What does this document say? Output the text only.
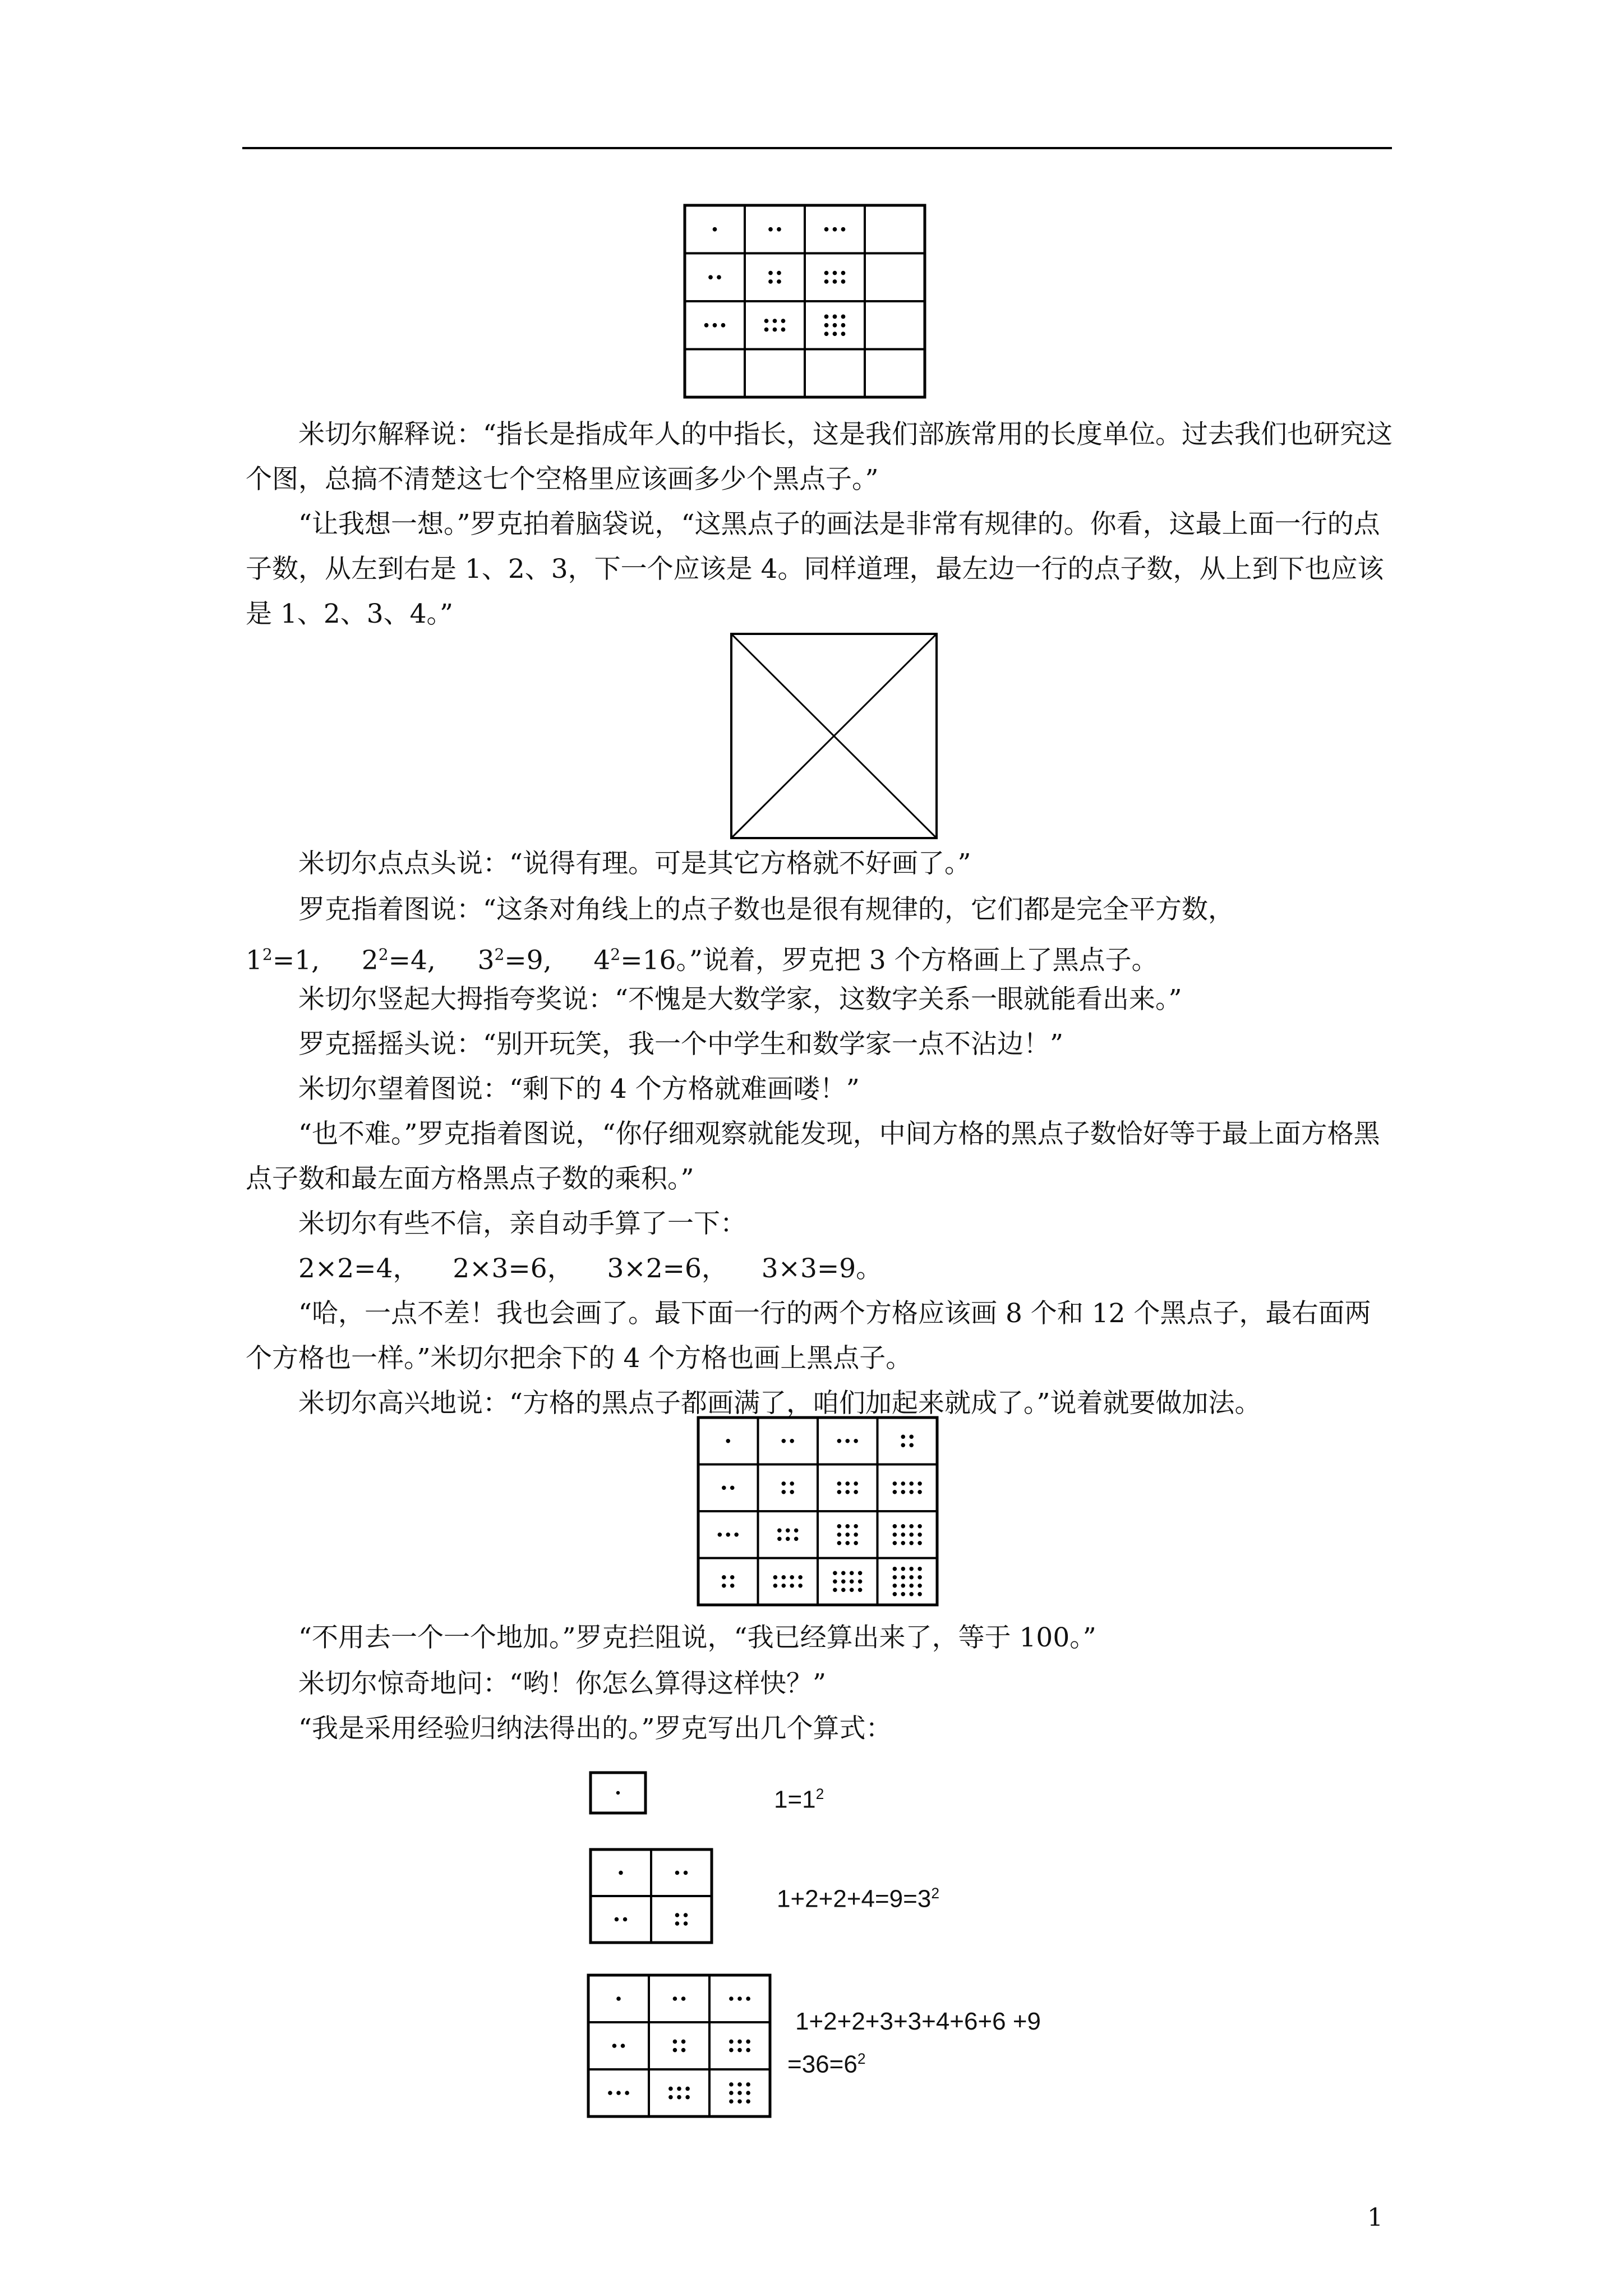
米切尔解释说：“指长是指成年人的中指长，这是我们部族常用的长度单位。过去我们也研究这个图，总搞不清楚这七个空格里应该画多少个黑点子。”

“让我想一想。”罗克拍着脑袋说，“这黑点子的画法是非常有规律的。你看，这最上面一行的点子数，从左到右是 1、2、3，下一个应该是 4。同样道理，最左边一行的点子数，从上到下也应该是 1、2、3、4。”

米切尔点点头说：“说得有理。可是其它方格就不好画了。”

罗克指着图说：“这条对角线上的点子数也是很有规律的，它们都是完全平方数，

$1^2=1$, $2^2=4$, $3^2=9$, $4^2=16$。”说着，罗克把 3 个方格画上了黑点子。

米切尔竖起大拇指夸奖说：“不愧是大数学家，这数字关系一眼就能看出来。”

罗克摇摇头说：“别开玩笑，我一个中学生和数学家一点不沾边！”

米切尔望着图说：“剩下的 4 个方格就难画喽！”

“也不难。”罗克指着图说，“你仔细观察就能发现，中间方格的黑点子数恰好等于最上面方格黑点子数和最左面方格黑点子数的乘积。”

米切尔有些不信，亲自动手算了一下：

2×2=4，    2×3=6，    3×2=6，    3×3=9。

“哈，一点不差！我也会画了。最下面一行的两个方格应该画 8 个和 12 个黑点子，最右面两个方格也一样。”米切尔把余下的 4 个方格也画上黑点子。

米切尔高兴地说：“方格的黑点子都画满了，咱们加起来就成了。”说着就要做加法。

“不用去一个一个地加。”罗克拦阻说，“我已经算出来了，等于 100。”

米切尔惊奇地问：“哟！你怎么算得这样快？”

“我是采用经验归纳法得出的。”罗克写出几个算式：

$1=1^2$
$1+2+2+4=9=3^2$
1+2+2+3+3+4+6+6 +9
$=36=6^2$
1
